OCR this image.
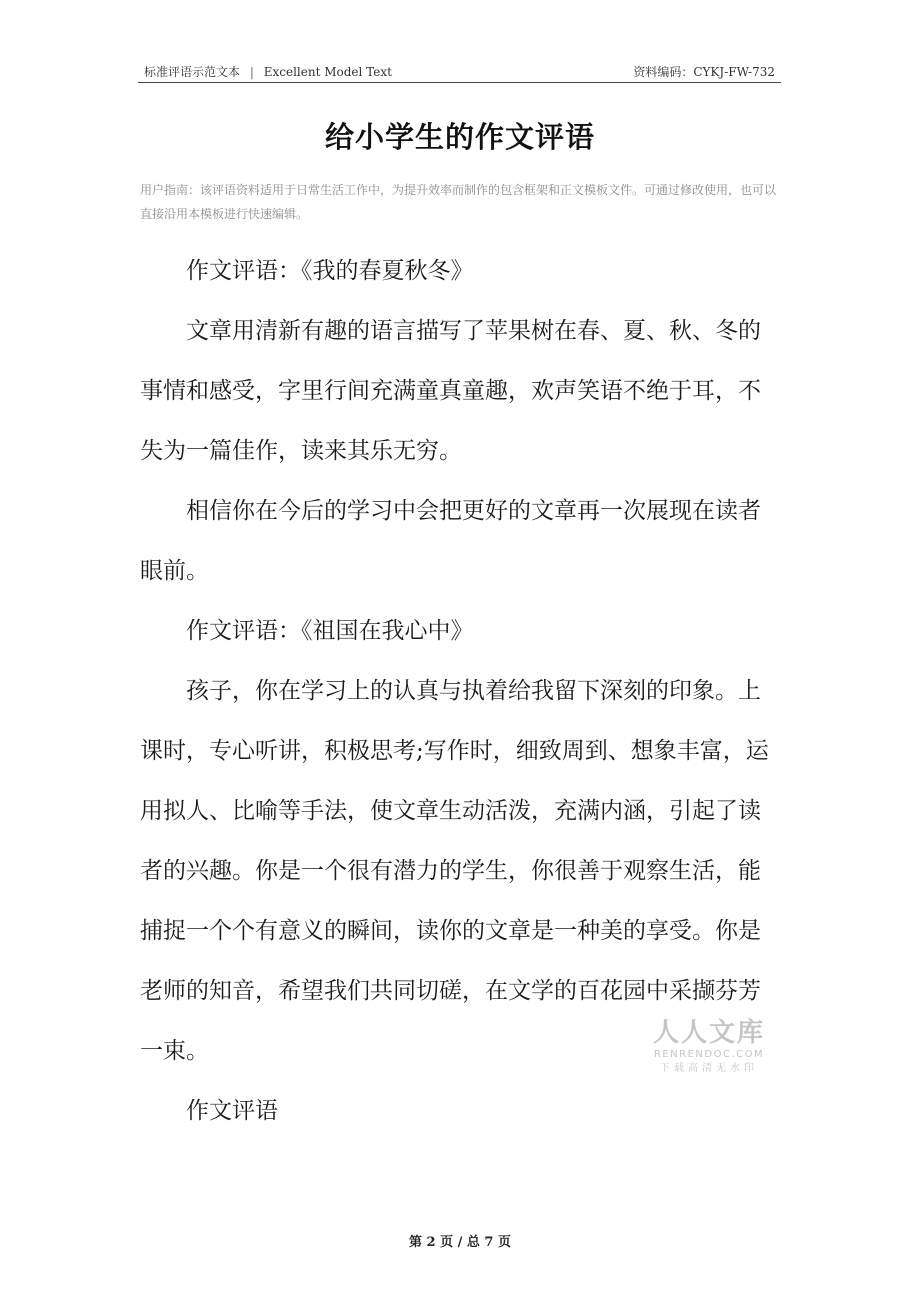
标准评语示范文本 | Excellent Model Text	资料编码：CYKJ-FW-732
给小学生的作文评语
用户指南：该评语资料适用于日常生活工作中，为提升效率而制作的包含框架和正文模板文件。可通过修改使用，也可以直接沿用本模板进行快速编辑。

作文评语：《我的春夏秋冬》

文章用清新有趣的语言描写了苹果树在春、夏、秋、冬的事情和感受，字里行间充满童真童趣，欢声笑语不绝于耳，不失为一篇佳作，读来其乐无穷。

相信你在今后的学习中会把更好的文章再一次展现在读者眼前。

作文评语：《祖国在我心中》

孩子，你在学习上的认真与执着给我留下深刻的印象。上课时，专心听讲，积极思考;写作时，细致周到、想象丰富，运用拟人、比喻等手法，使文章生动活泼，充满内涵，引起了读者的兴趣。你是一个很有潜力的学生，你很善于观察生活，能捕捉一个个有意义的瞬间，读你的文章是一种美的享受。你是老师的知音，希望我们共同切磋，在文学的百花园中采撷芬芳一束。

作文评语

人人文库
RENRENDOC.COM
下载高清无水印
第 2 页 / 总 7 页
